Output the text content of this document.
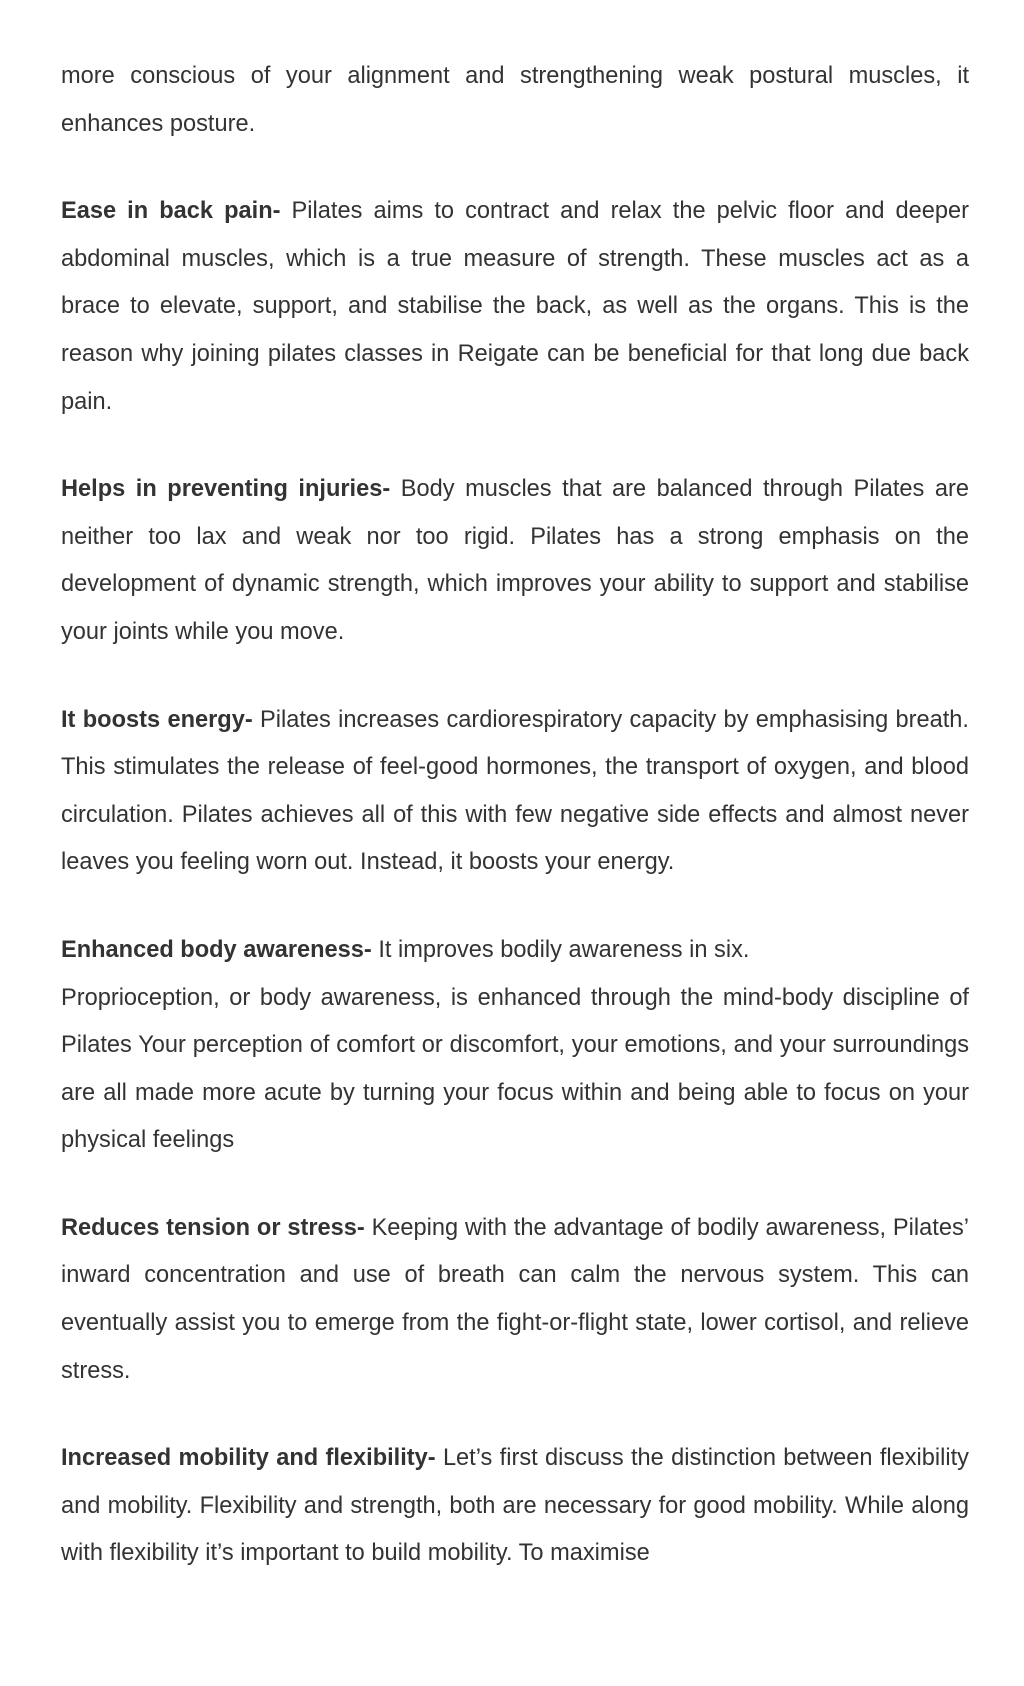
more conscious of your alignment and strengthening weak postural muscles, it enhances posture.

Ease in back pain- Pilates aims to contract and relax the pelvic floor and deeper abdominal muscles, which is a true measure of strength. These muscles act as a brace to elevate, support, and stabilise the back, as well as the organs. This is the reason why joining pilates classes in Reigate can be beneficial for that long due back pain.

Helps in preventing injuries- Body muscles that are balanced through Pilates are neither too lax and weak nor too rigid. Pilates has a strong emphasis on the development of dynamic strength, which improves your ability to support and stabilise your joints while you move.

It boosts energy- Pilates increases cardiorespiratory capacity by emphasising breath. This stimulates the release of feel-good hormones, the transport of oxygen, and blood circulation. Pilates achieves all of this with few negative side effects and almost never leaves you feeling worn out. Instead, it boosts your energy.

Enhanced body awareness- It improves bodily awareness in six.
Proprioception, or body awareness, is enhanced through the mind-body discipline of Pilates Your perception of comfort or discomfort, your emotions, and your surroundings are all made more acute by turning your focus within and being able to focus on your physical feelings

Reduces tension or stress- Keeping with the advantage of bodily awareness, Pilates’ inward concentration and use of breath can calm the nervous system. This can eventually assist you to emerge from the fight-or-flight state, lower cortisol, and relieve stress.

Increased mobility and flexibility- Let’s first discuss the distinction between flexibility and mobility. Flexibility and strength, both are necessary for good mobility. While along with flexibility it’s important to build mobility. To maximise
